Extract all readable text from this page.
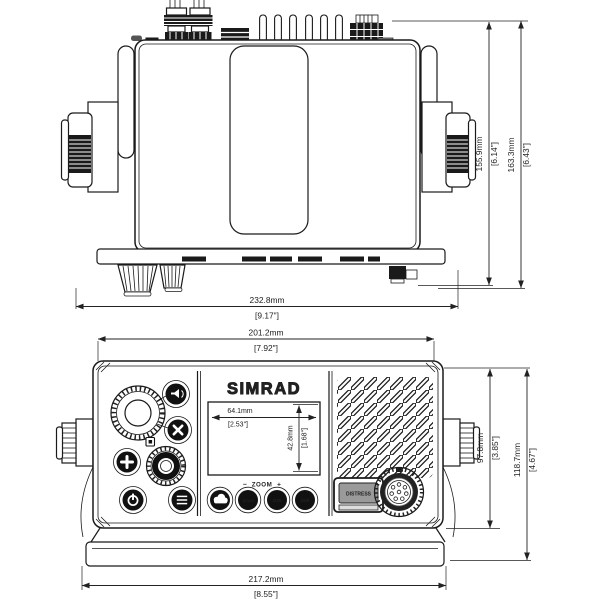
SIMRAD
− ZOOM +
SCAN	1/25	16/9
DISTRESS
155.9mm [6.14"] 163.3mm [6.43"]
232.8mm
[9.17"]
201.2mm
[7.92"]
64.1mm
[2.53"]
42.8mm [1.68"]	97.8mm [3.85"] 118.7mm [4.67"]
217.2mm
[8.55"]
